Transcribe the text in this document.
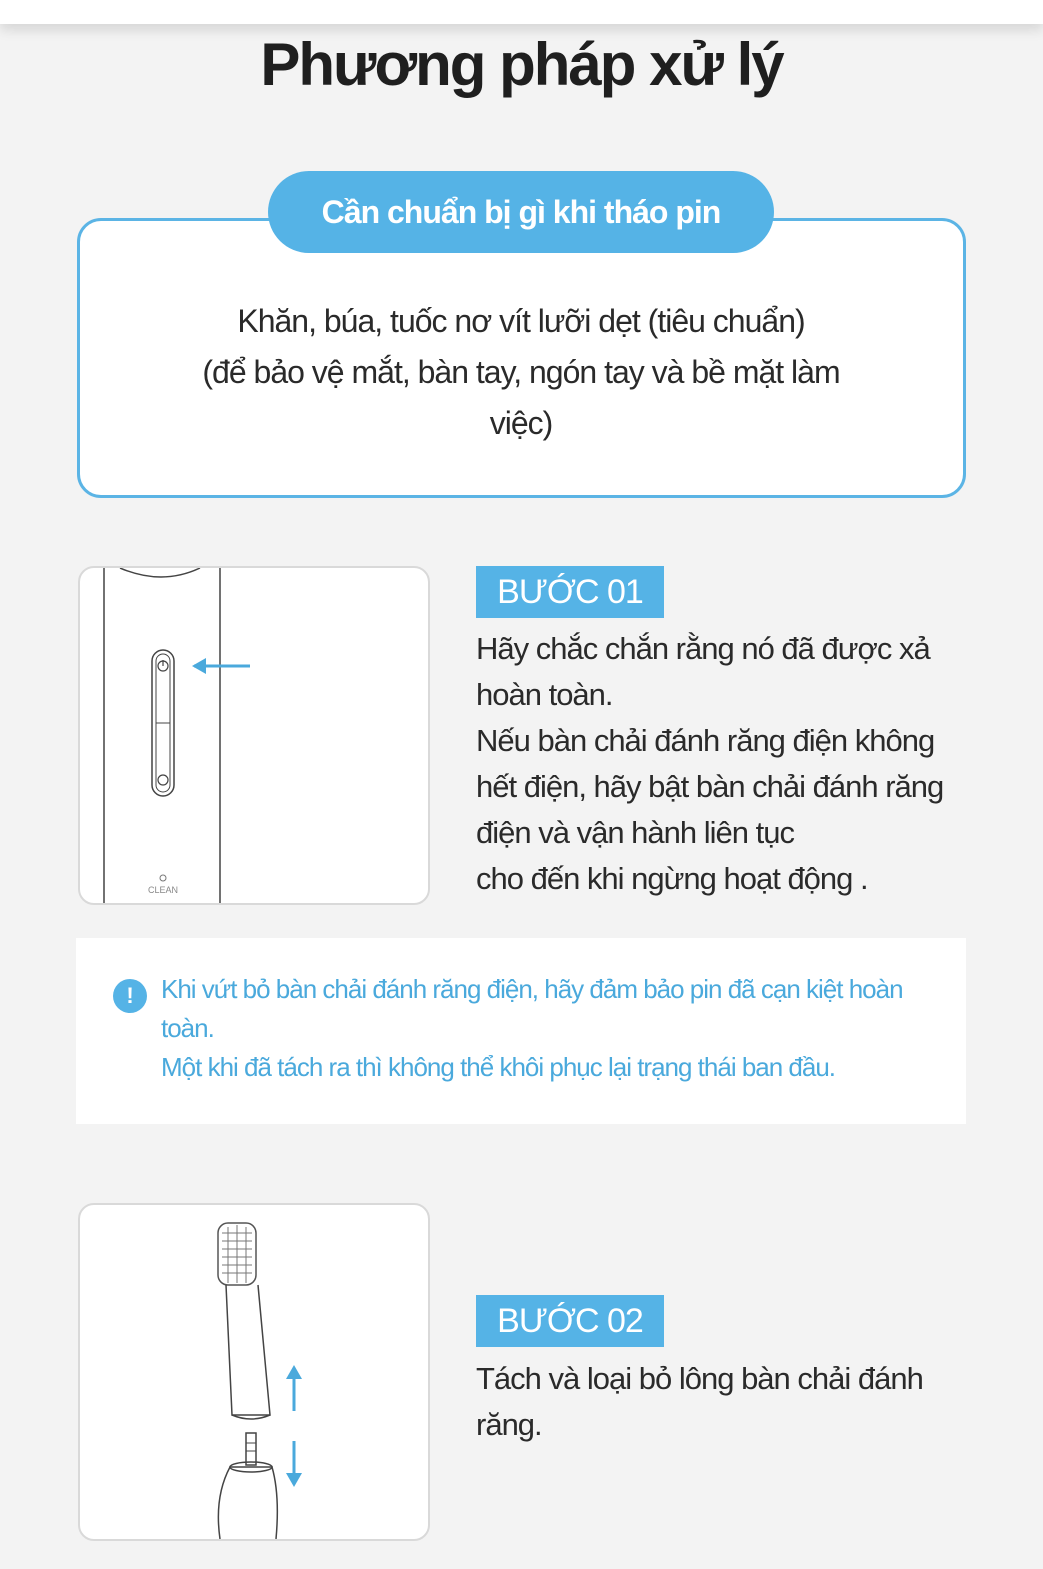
Phương pháp xử lý
Cần chuẩn bị gì khi tháo pin
Khăn, búa, tuốc nơ vít lưỡi dẹt (tiêu chuẩn)
(để bảo vệ mắt, bàn tay, ngón tay và bề mặt làm
việc)
CLEAN
BƯỚC 01
Hãy chắc chắn rằng nó đã được xả
hoàn toàn.
Nếu bàn chải đánh răng điện không
hết điện, hãy bật bàn chải đánh răng
điện và vận hành liên tục
cho đến khi ngừng hoạt động .
!	Khi vứt bỏ bàn chải đánh răng điện, hãy đảm bảo pin đã cạn kiệt hoàn
toàn.
Một khi đã tách ra thì không thể khôi phục lại trạng thái ban đầu.
BƯỚC 02
Tách và loại bỏ lông bàn chải đánh
răng.
